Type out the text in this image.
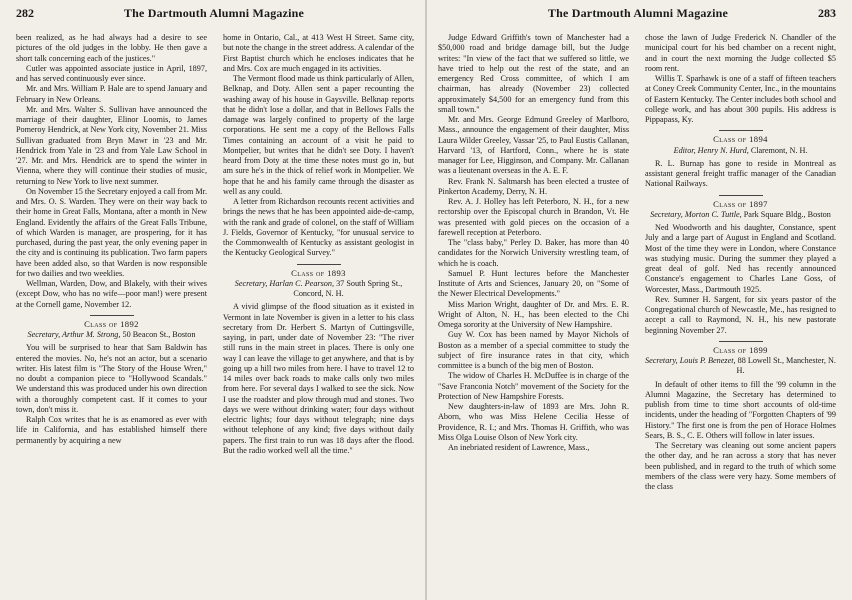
282	The Dartmouth Alumni Magazine

been realized, as he had always had a desire to see pictures of the old judges in the lobby. He then gave a short talk concerning each of the justices."

Cutler was appointed associate justice in April, 1897, and has served continuously ever since.

Mr. and Mrs. William P. Hale are to spend January and February in New Orleans.

Mr. and Mrs. Walter S. Sullivan have announced the marriage of their daughter, Elinor Loomis, to James Pomeroy Hendrick, at New York city, November 21. Miss Sullivan graduated from Bryn Mawr in '23 and Mr. Hendrick from Yale in '23 and from Yale Law School in '27. Mr. and Mrs. Hendrick are to spend the winter in Vienna, where they will continue their studies of music, returning to New York to live next summer.

On November 15 the Secretary enjoyed a call from Mr. and Mrs. O. S. Warden. They were on their way back to their home in Great Falls, Montana, after a month in New England. Evidently the affairs of the Great Falls Tribune, of which Warden is manager, are prospering, for it has purchased, during the past year, the only evening paper in the city and is continuing its publication. Two farm papers have been added also, so that Warden is now responsible for two dailies and two weeklies.

Wellman, Warden, Dow, and Blakely, with their wives (except Dow, who has no wife—poor man!) were present at the Cornell game, November 12.

Class of 1892

Secretary, Arthur M. Strong, 50 Beacon St., Boston

You will be surprised to hear that Sam Baldwin has entered the movies. No, he's not an actor, but a scenario writer. His latest film is "The Story of the House Wren," no doubt a companion piece to "Hollywood Scandals." We understand this was produced under his own direction with a thoroughly competent cast. If it comes to your town, don't miss it.

Ralph Cox writes that he is as enamored as ever with life in California, and has established himself there permanently by acquiring a new

home in Ontario, Cal., at 413 West H Street. Same city, but note the change in the street address. A calendar of the First Baptist church which he encloses indicates that he and Mrs. Cox are much engaged in its activities.

The Vermont flood made us think particularly of Allen, Belknap, and Doty. Allen sent a paper recounting the washing away of his house in Gaysville. Belknap reports that he didn't lose a dollar, and that in Bellows Falls the damage was largely confined to property of the large corporations. He sent me a copy of the Bellows Falls Times containing an account of a visit he paid to Montpelier, but writes that he didn't see Doty. I haven't heard from Doty at the time these notes must go in, but am sure he's in the thick of relief work in Montpelier. We hope that he and his family came through the disaster as well as any could.

A letter from Richardson recounts recent activities and brings the news that he has been appointed aide-de-camp, with the rank and grade of colonel, on the staff of William J. Fields, Governor of Kentucky, "for unusual service to the Commonwealth of Kentucky as assistant geologist in the Kentucky Geological Survey."

Class of 1893

Secretary, Harlan C. Pearson, 37 South Spring St., Concord, N. H.

A vivid glimpse of the flood situation as it existed in Vermont in late November is given in a letter to his class secretary from Dr. Herbert S. Martyn of Cuttingsville, saying, in part, under date of November 23: "The river still runs in the main street in places. There is only one way I can leave the village to get anywhere, and that is by going up a hill two miles from here. I have to travel 12 to 14 miles over back roads to make calls only two miles from here. For several days I walked to see the sick. Now I use the roadster and plow through mud and stones. Two days we were without drinking water; four days without electric lights; four days without telegraph; nine days without telephone of any kind; five days without daily papers. The first train to run was 18 days after the flood. But the radio worked well all the time."

The Dartmouth Alumni Magazine	283

Judge Edward Griffith's town of Manchester had a $50,000 road and bridge damage bill, but the Judge writes: "In view of the fact that we suffered so little, we have tried to help out the rest of the state, and an emergency Red Cross committee, of which I am chairman, has already (November 23) collected approximately $4,500 for an emergency fund from this small town."

Mr. and Mrs. George Edmund Greeley of Marlboro, Mass., announce the engagement of their daughter, Miss Laura Wilder Greeley, Vassar '25, to Paul Eustis Callanan, Harvard '13, of Hartford, Conn., where he is state manager for Lee, Higginson, and Company. Mr. Callanan was a lieutenant overseas in the A. E. F.

Rev. Frank N. Saltmarsh has been elected a trustee of Pinkerton Academy, Derry, N. H.

Rev. A. J. Holley has left Peterboro, N. H., for a new rectorship over the Episcopal church in Brandon, Vt. He was presented with gold pieces on the occasion of a farewell reception at Peterboro.

The "class baby," Perley D. Baker, has more than 40 candidates for the Norwich University wrestling team, of which he is coach.

Samuel P. Hunt lectures before the Manchester Institute of Arts and Sciences, January 20, on "Some of the Newer Electrical Developments."

Miss Marion Wright, daughter of Dr. and Mrs. E. R. Wright of Alton, N. H., has been elected to the Chi Omega sorority at the University of New Hampshire.

Guy W. Cox has been named by Mayor Nichols of Boston as a member of a special committee to study the subject of fire insurance rates in that city, which committee is a bunch of the big men of Boston.

The widow of Charles H. McDuffee is in charge of the "Save Franconia Notch" movement of the Society for the Protection of New Hampshire Forests.

New daughters-in-law of 1893 are Mrs. John R. Aborn, who was Miss Helene Cecilia Hesse of Providence, R. I.; and Mrs. Thomas H. Griffith, who was Miss Olga Louise Olson of New York city.

An inebriated resident of Lawrence, Mass.,

chose the lawn of Judge Frederick N. Chandler of the municipal court for his bed chamber on a recent night, and in court the next morning the Judge collected $5 room rent.

Willis T. Sparhawk is one of a staff of fifteen teachers at Coney Creek Community Center, Inc., in the mountains of Eastern Kentucky. The Center includes both school and college work, and has about 300 pupils. His address is Pippapass, Ky.

Class of 1894

Editor, Henry N. Hurd, Claremont, N. H.

R. L. Burnap has gone to reside in Montreal as assistant general freight traffic manager of the Canadian National Railways.

Class of 1897

Secretary, Morton C. Tuttle, Park Square Bldg., Boston

Ned Woodworth and his daughter, Constance, spent July and a large part of August in England and Scotland. Most of the time they were in London, where Constance was studying music. During the summer they played a great deal of golf. Ned has recently announced Constance's engagement to Charles Lane Goss, of Worcester, Mass., Dartmouth 1925.

Rev. Sumner H. Sargent, for six years pastor of the Congregational church of Newcastle, Me., has resigned to accept a call to Raymond, N. H., his new pastorate beginning November 27.

Class of 1899

Secretary, Louis P. Benezet, 88 Lowell St., Manchester, N. H.

In default of other items to fill the '99 column in the Alumni Magazine, the Secretary has determined to publish from time to time short accounts of old-time incidents, under the heading of "Forgotten Chapters of '99 History." The first one is from the pen of Horace Holmes Sears, B. S., C. E. Others will follow in later issues.

The Secretary was cleaning out some ancient papers the other day, and he ran across a story that has never been published, and in regard to the truth of which some members of the class were very hazy. Some members of the class
